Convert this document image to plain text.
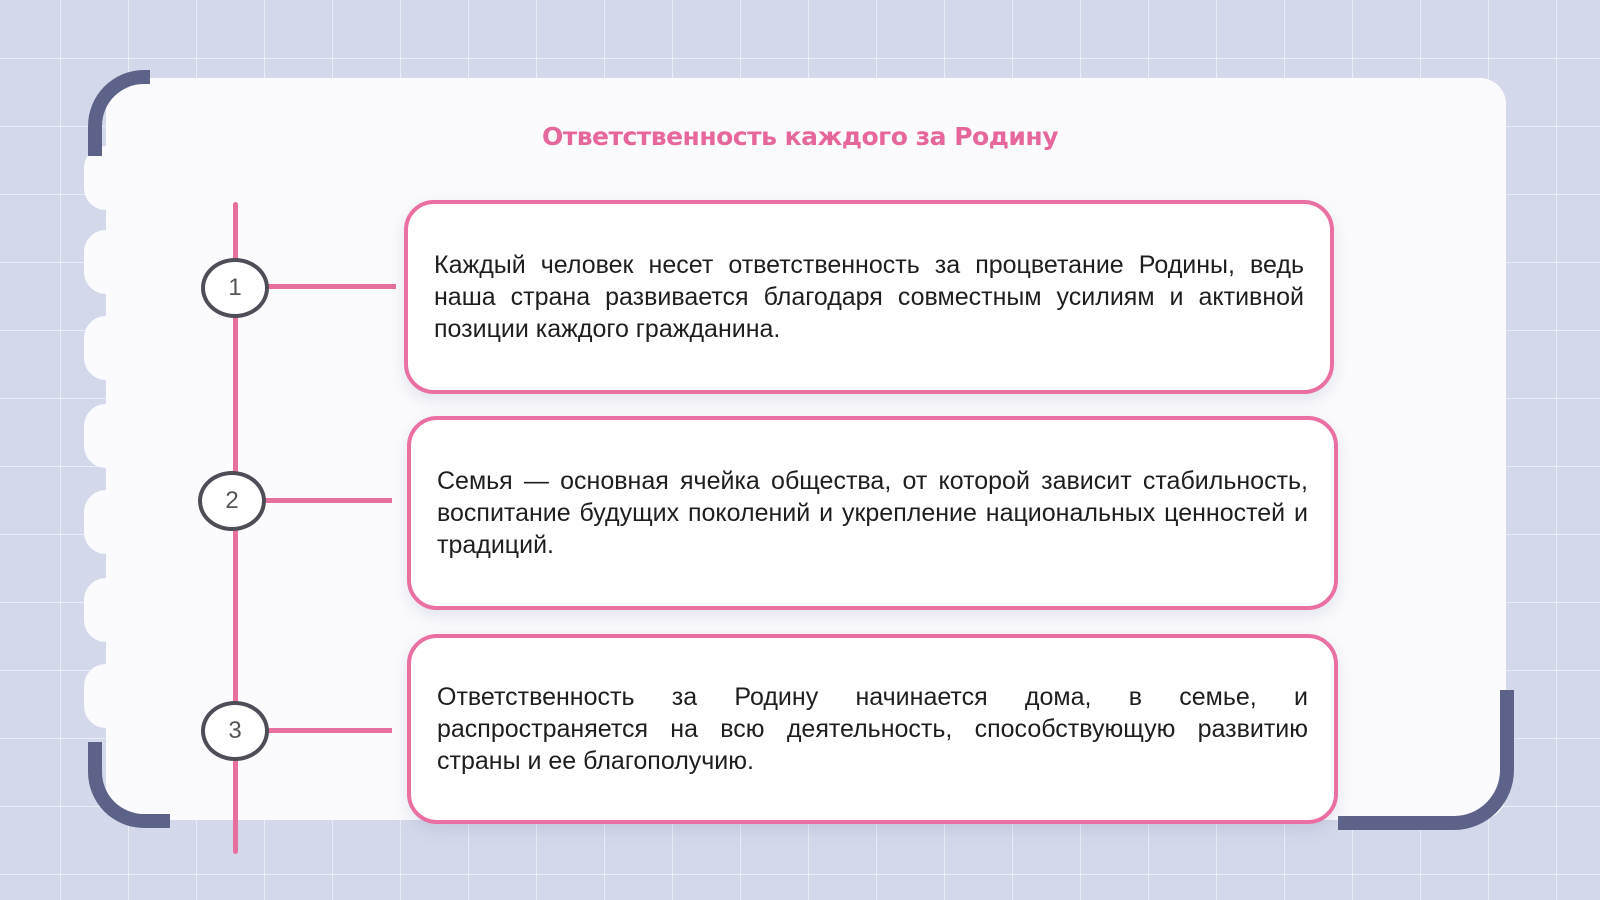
Ответственность каждого за Родину
1
2
3

Каждый человек несет ответственность за процветание Родины, ведь наша страна развивается благодаря совместным усилиям и активной позиции каждого гражданина.

Семья — основная ячейка общества, от которой зависит стабильность, воспитание будущих поколений и укрепление национальных ценностей и традиций.

Ответственность за Родину начинается дома, в семье, и распространяется на всю деятельность, способствующую развитию страны и ее благополучию.
